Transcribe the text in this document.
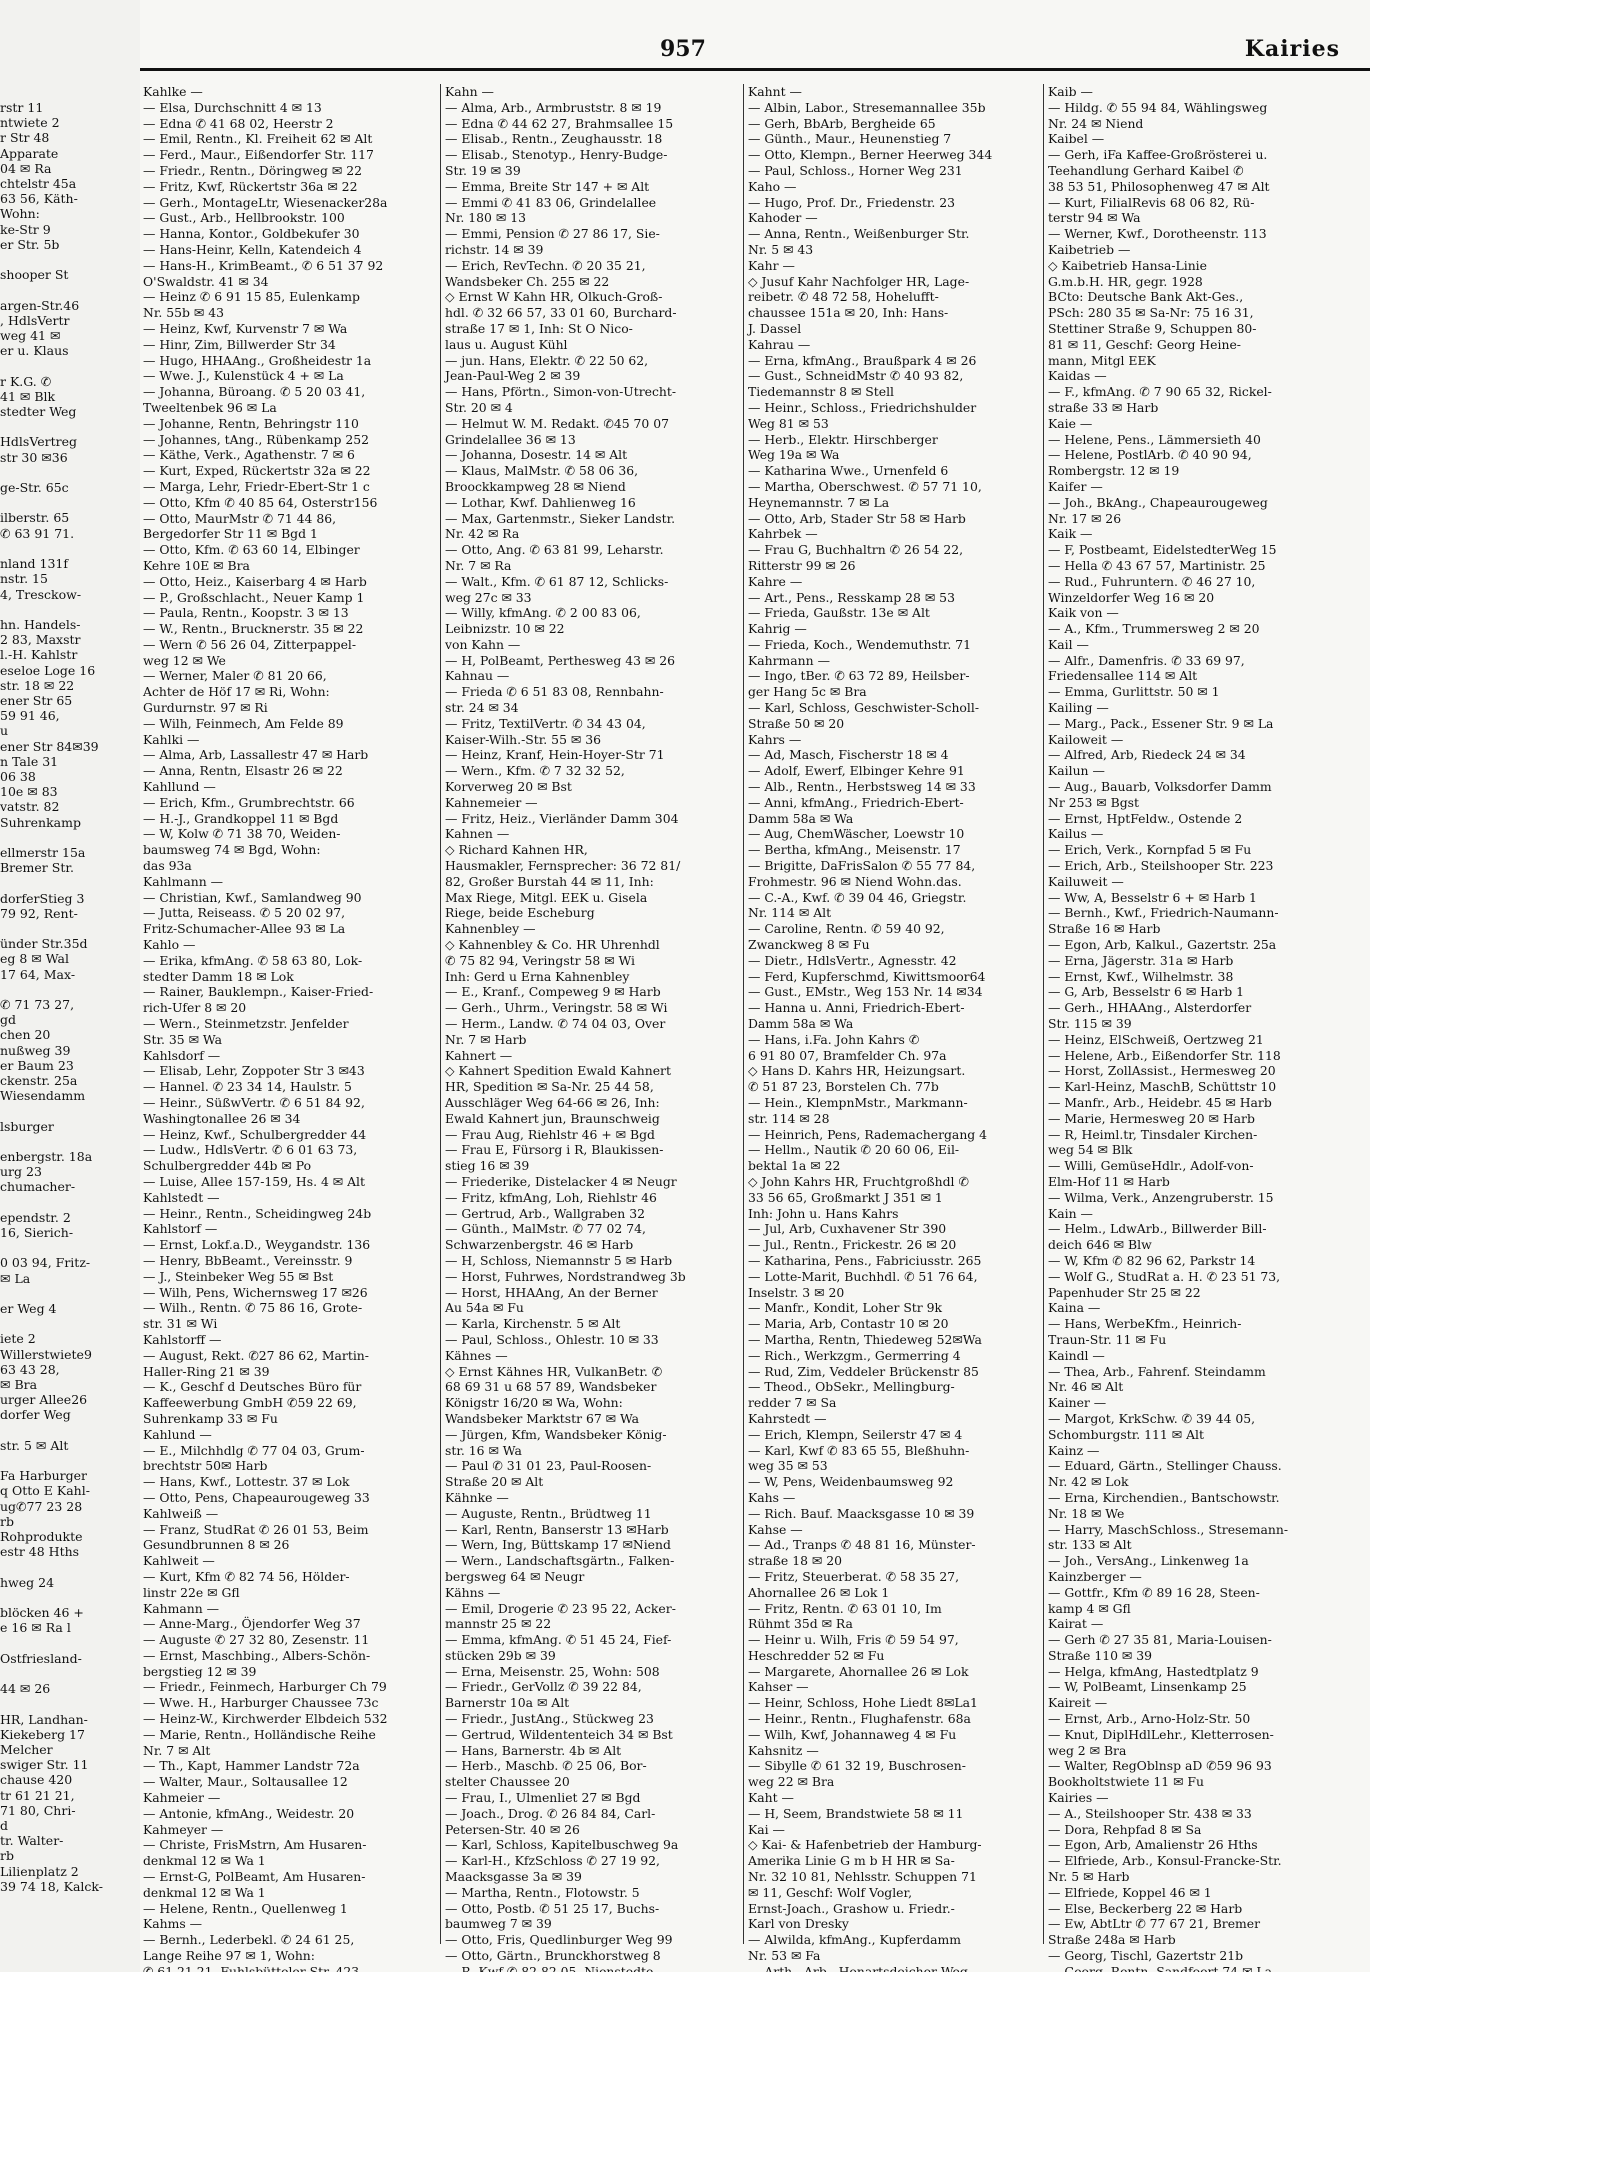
rstr 11
ntwiete 2
r Str 48
Apparate
04 ✉ Ra
chtelstr 45a
63 56, Käth-
Wohn:
ke-Str 9
er Str. 5b

shooper St

argen-Str.46
, HdlsVertr
weg 41 ✉
er u. Klaus

r K.G. ✆
41 ✉ Blk
stedter Weg

HdlsVertreg
str 30 ✉36

ge-Str. 65c

ilberstr. 65
✆ 63 91 71.

nland 131f
nstr. 15
4, Tresckow-

hn. Handels-
2 83, Maxstr
l.-H. Kahlstr
eseloe Loge 16
str. 18 ✉ 22
ener Str 65
59 91 46,
u
ener Str 84✉39
n Tale 31
06 38
10e ✉ 83
vatstr. 82
Suhrenkamp

ellmerstr 15a
Bremer Str.

dorferStieg 3
79 92, Rent-

ünder Str.35d
eg 8 ✉ Wal
17 64, Max-

✆ 71 73 27,
gd
chen 20
nußweg 39
er Baum 23
ckenstr. 25a
Wiesendamm

lsburger

enbergstr. 18a
urg 23
chumacher-

ependstr. 2
16, Sierich-

0 03 94, Fritz-
✉ La

er Weg 4

iete 2
Willerstwiete9
63 43 28,
✉ Bra
urger Allee26
dorfer Weg

str. 5 ✉ Alt

Fa Harburger
q Otto E Kahl-
ug✆77 23 28
rb
Rohprodukte
estr 48 Hths

hweg 24

blöcken 46 +
e 16 ✉ Ra l

Ostfriesland-

44 ✉ 26

HR, Landhan-
Kiekeberg 17
Melcher
swiger Str. 11
chause 420
tr 61 21 21,
71 80, Chri-
d
tr. Walter-
rb
Lilienplatz 2
39 74 18, Kalck-
957	Kairies
Kahlke —
— Elsa, Durchschnitt 4 ✉ 13
— Edna ✆ 41 68 02, Heerstr 2
— Emil, Rentn., Kl. Freiheit 62 ✉ Alt
— Ferd., Maur., Eißendorfer Str. 117
— Friedr., Rentn., Döringweg ✉ 22
— Fritz, Kwf, Rückertstr 36a ✉ 22
— Gerh., MontageLtr, Wiesenacker28a
— Gust., Arb., Hellbrookstr. 100
— Hanna, Kontor., Goldbekufer 30
— Hans-Heinr, Kelln, Katendeich 4
— Hans-H., KrimBeamt., ✆ 6 51 37 92
O'Swaldstr. 41 ✉ 34
— Heinz ✆ 6 91 15 85, Eulenkamp
Nr. 55b ✉ 43
— Heinz, Kwf, Kurvenstr 7 ✉ Wa
— Hinr, Zim, Billwerder Str 34
— Hugo, HHAAng., Großheidestr 1a
— Wwe. J., Kulenstück 4 + ✉ La
— Johanna, Büroang. ✆ 5 20 03 41,
Tweeltenbek 96 ✉ La
— Johanne, Rentn, Behringstr 110
— Johannes, tAng., Rübenkamp 252
— Käthe, Verk., Agathenstr. 7 ✉ 6
— Kurt, Exped, Rückertstr 32a ✉ 22
— Marga, Lehr, Friedr-Ebert-Str 1 c
— Otto, Kfm ✆ 40 85 64, Osterstr156
— Otto, MaurMstr ✆ 71 44 86,
Bergedorfer Str 11 ✉ Bgd 1
— Otto, Kfm. ✆ 63 60 14, Elbinger
Kehre 10E ✉ Bra
— Otto, Heiz., Kaiserbarg 4 ✉ Harb
— P., Großschlacht., Neuer Kamp 1
— Paula, Rentn., Koopstr. 3 ✉ 13
— W., Rentn., Brucknerstr. 35 ✉ 22
— Wern ✆ 56 26 04, Zitterpappel-
weg 12 ✉ We
— Werner, Maler ✆ 81 20 66,
Achter de Höf 17 ✉ Ri, Wohn:
Gurdurnstr. 97 ✉ Ri
— Wilh, Feinmech, Am Felde 89
Kahlki —
— Alma, Arb, Lassallestr 47 ✉ Harb
— Anna, Rentn, Elsastr 26 ✉ 22
Kahllund —
— Erich, Kfm., Grumbrechtstr. 66
— H.-J., Grandkoppel 11 ✉ Bgd
— W, Kolw ✆ 71 38 70, Weiden-
baumsweg 74 ✉ Bgd, Wohn:
das 93a
Kahlmann —
— Christian, Kwf., Samlandweg 90
— Jutta, Reiseass. ✆ 5 20 02 97,
Fritz-Schumacher-Allee 93 ✉ La
Kahlo —
— Erika, kfmAng. ✆ 58 63 80, Lok-
stedter Damm 18 ✉ Lok
— Rainer, Bauklempn., Kaiser-Fried-
rich-Ufer 8 ✉ 20
— Wern., Steinmetzstr. Jenfelder
Str. 35 ✉ Wa
Kahlsdorf —
— Elisab, Lehr, Zoppoter Str 3 ✉43
— Hannel. ✆ 23 34 14, Haulstr. 5
— Heinr., SüßwVertr. ✆ 6 51 84 92,
Washingtonallee 26 ✉ 34
— Heinz, Kwf., Schulbergredder 44
— Ludw., HdlsVertr. ✆ 6 01 63 73,
Schulbergredder 44b ✉ Po
— Luise, Allee 157-159, Hs. 4 ✉ Alt
Kahlstedt —
— Heinr., Rentn., Scheidingweg 24b
Kahlstorf —
— Ernst, Lokf.a.D., Weygandstr. 136
— Henry, BbBeamt., Vereinsstr. 9
— J., Steinbeker Weg 55 ✉ Bst
— Wilh, Pens, Wichernsweg 17 ✉26
— Wilh., Rentn. ✆ 75 86 16, Grote-
str. 31 ✉ Wi
Kahlstorff —
— August, Rekt. ✆27 86 62, Martin-
Haller-Ring 21 ✉ 39
— K., Geschf d Deutsches Büro für
Kaffeewerbung GmbH ✆59 22 69,
Suhrenkamp 33 ✉ Fu
Kahlund —
— E., Milchhdlg ✆ 77 04 03, Grum-
brechtstr 50✉ Harb
— Hans, Kwf., Lottestr. 37 ✉ Lok
— Otto, Pens, Chapeaurougeweg 33
Kahlweiß —
— Franz, StudRat ✆ 26 01 53, Beim
Gesundbrunnen 8 ✉ 26
Kahlweit —
— Kurt, Kfm ✆ 82 74 56, Hölder-
linstr 22e ✉ Gfl
Kahmann —
— Anne-Marg., Öjendorfer Weg 37
— Auguste ✆ 27 32 80, Zesenstr. 11
— Ernst, Maschbing., Albers-Schön-
bergstieg 12 ✉ 39
— Friedr., Feinmech, Harburger Ch 79
— Wwe. H., Harburger Chaussee 73c
— Heinz-W., Kirchwerder Elbdeich 532
— Marie, Rentn., Holländische Reihe
Nr. 7 ✉ Alt
— Th., Kapt, Hammer Landstr 72a
— Walter, Maur., Soltausallee 12
Kahmeier —
— Antonie, kfmAng., Weidestr. 20
Kahmeyer —
— Christe, FrisMstrn, Am Husaren-
denkmal 12 ✉ Wa 1
— Ernst-G, PolBeamt, Am Husaren-
denkmal 12 ✉ Wa 1
— Helene, Rentn., Quellenweg 1
Kahms —
— Bernh., Lederbekl. ✆ 24 61 25,
Lange Reihe 97 ✉ 1, Wohn:
Kahn —
— Alma, Arb., Armbruststr. 8 ✉ 19
— Edna ✆ 44 62 27, Brahmsallee 15
— Elisab., Rentn., Zeughausstr. 18
— Elisab., Stenotyp., Henry-Budge-
Str. 19 ✉ 39
— Emma, Breite Str 147 + ✉ Alt
— Emmi ✆ 41 83 06, Grindelallee
Nr. 180 ✉ 13
— Emmi, Pension ✆ 27 86 17, Sie-
richstr. 14 ✉ 39
— Erich, RevTechn. ✆ 20 35 21,
Wandsbeker Ch. 255 ✉ 22
◇ Ernst W Kahn HR, Olkuch-Groß-
hdl. ✆ 32 66 57, 33 01 60, Burchard-
straße 17 ✉ 1, Inh: St O Nico-
laus u. August Kühl
— jun. Hans, Elektr. ✆ 22 50 62,
Jean-Paul-Weg 2 ✉ 39
— Hans, Pförtn., Simon-von-Utrecht-
Str. 20 ✉ 4
— Helmut W. M. Redakt. ✆45 70 07
Grindelallee 36 ✉ 13
— Johanna, Dosestr. 14 ✉ Alt
— Klaus, MalMstr. ✆ 58 06 36,
Broockkampweg 28 ✉ Niend
— Lothar, Kwf. Dahlienweg 16
— Max, Gartenmstr., Sieker Landstr.
Nr. 42 ✉ Ra
— Otto, Ang. ✆ 63 81 99, Leharstr.
Nr. 7 ✉ Ra
— Walt., Kfm. ✆ 61 87 12, Schlicks-
weg 27c ✉ 33
— Willy, kfmAng. ✆ 2 00 83 06,
Leibnizstr. 10 ✉ 22
von Kahn —
— H, PolBeamt, Perthesweg 43 ✉ 26
Kahnau —
— Frieda ✆ 6 51 83 08, Rennbahn-
str. 24 ✉ 34
— Fritz, TextilVertr. ✆ 34 43 04,
Kaiser-Wilh.-Str. 55 ✉ 36
— Heinz, Kranf, Hein-Hoyer-Str 71
— Wern., Kfm. ✆ 7 32 32 52,
Korverweg 20 ✉ Bst
Kahnemeier —
— Fritz, Heiz., Vierländer Damm 304
Kahnen —
◇ Richard Kahnen HR,
Hausmakler, Fernsprecher: 36 72 81/
82, Großer Burstah 44 ✉ 11, Inh:
Max Riege, Mitgl. EEK u. Gisela
Riege, beide Escheburg
Kahnenbley —
◇ Kahnenbley & Co. HR Uhrenhdl
✆ 75 82 94, Veringstr 58 ✉ Wi
Inh: Gerd u Erna Kahnenbley
— E., Kranf., Compeweg 9 ✉ Harb
— Gerh., Uhrm., Veringstr. 58 ✉ Wi
— Herm., Landw. ✆ 74 04 03, Over
Nr. 7 ✉ Harb
Kahnert —
◇ Kahnert Spedition Ewald Kahnert
HR, Spedition ✉ Sa-Nr. 25 44 58,
Ausschläger Weg 64-66 ✉ 26, Inh:
Ewald Kahnert jun, Braunschweig
— Frau Aug, Riehlstr 46 + ✉ Bgd
— Frau E, Fürsorg i R, Blaukissen-
stieg 16 ✉ 39
— Friederike, Distelacker 4 ✉ Neugr
— Fritz, kfmAng, Loh, Riehlstr 46
— Gertrud, Arb., Wallgraben 32
— Günth., MalMstr. ✆ 77 02 74,
Schwarzenbergstr. 46 ✉ Harb
— H, Schloss, Niemannstr 5 ✉ Harb
— Horst, Fuhrwes, Nordstrandweg 3b
— Horst, HHAAng, An der Berner
Au 54a ✉ Fu
— Karla, Kirchenstr. 5 ✉ Alt
— Paul, Schloss., Ohlestr. 10 ✉ 33
Kähnes —
◇ Ernst Kähnes HR, VulkanBetr. ✆
68 69 31 u 68 57 89, Wandsbeker
Königstr 16/20 ✉ Wa, Wohn:
Wandsbeker Marktstr 67 ✉ Wa
— Jürgen, Kfm, Wandsbeker König-
str. 16 ✉ Wa
— Paul ✆ 31 01 23, Paul-Roosen-
Straße 20 ✉ Alt
Kähnke —
— Auguste, Rentn., Brüdtweg 11
— Karl, Rentn, Banserstr 13 ✉Harb
— Wern, Ing, Büttskamp 17 ✉Niend
— Wern., Landschaftsgärtn., Falken-
bergsweg 64 ✉ Neugr
Kähns —
— Emil, Drogerie ✆ 23 95 22, Acker-
mannstr 25 ✉ 22
— Emma, kfmAng. ✆ 51 45 24, Fief-
stücken 29b ✉ 39
— Erna, Meisenstr. 25, Wohn: 508
— Friedr., GerVollz ✆ 39 22 84,
Barnerstr 10a ✉ Alt
— Friedr., JustAng., Stückweg 23
— Gertrud, Wildententeich 34 ✉ Bst
— Hans, Barnerstr. 4b ✉ Alt
— Herb., Maschb. ✆ 25 06, Bor-
stelter Chaussee 20
— Frau, I., Ulmenliet 27 ✉ Bgd
— Joach., Drog. ✆ 26 84 84, Carl-
Petersen-Str. 40 ✉ 26
— Karl, Schloss, Kapitelbuschweg 9a
— Karl-H., KfzSchloss ✆ 27 19 92,
Maacksgasse 3a ✉ 39
— Martha, Rentn., Flotowstr. 5
— Otto, Postb. ✆ 51 25 17, Buchs-
baumweg 7 ✉ 39
— Otto, Fris, Quedlinburger Weg 99
— Otto, Gärtn., Brunckhorstweg 8
Kahnt —
— Albin, Labor., Stresemannallee 35b
— Gerh, BbArb, Bergheide 65
— Günth., Maur., Heunenstieg 7
— Otto, Klempn., Berner Heerweg 344
— Paul, Schloss., Horner Weg 231
Kaho —
— Hugo, Prof. Dr., Friedenstr. 23
Kahoder —
— Anna, Rentn., Weißenburger Str.
Nr. 5 ✉ 43
Kahr —
◇ Jusuf Kahr Nachfolger HR, Lage-
reibetr. ✆ 48 72 58, Hohelufft-
chaussee 151a ✉ 20, Inh: Hans-
J. Dassel
Kahrau —
— Erna, kfmAng., Braußpark 4 ✉ 26
— Gust., SchneidMstr ✆ 40 93 82,
Tiedemannstr 8 ✉ Stell
— Heinr., Schloss., Friedrichshulder
Weg 81 ✉ 53
— Herb., Elektr. Hirschberger
Weg 19a ✉ Wa
— Katharina Wwe., Urnenfeld 6
— Martha, Oberschwest. ✆ 57 71 10,
Heynemannstr. 7 ✉ La
— Otto, Arb, Stader Str 58 ✉ Harb
Kahrbek —
— Frau G, Buchhaltrn ✆ 26 54 22,
Ritterstr 99 ✉ 26
Kahre —
— Art., Pens., Resskamp 28 ✉ 53
— Frieda, Gaußstr. 13e ✉ Alt
Kahrig —
— Frieda, Koch., Wendemuthstr. 71
Kahrmann —
— Ingo, tBer. ✆ 63 72 89, Heilsber-
ger Hang 5c ✉ Bra
— Karl, Schloss, Geschwister-Scholl-
Straße 50 ✉ 20
Kahrs —
— Ad, Masch, Fischerstr 18 ✉ 4
— Adolf, Ewerf, Elbinger Kehre 91
— Alb., Rentn., Herbstsweg 14 ✉ 33
— Anni, kfmAng., Friedrich-Ebert-
Damm 58a ✉ Wa
— Aug, ChemWäscher, Loewstr 10
— Bertha, kfmAng., Meisenstr. 17
— Brigitte, DaFrisSalon ✆ 55 77 84,
Frohmestr. 96 ✉ Niend Wohn.das.
— C.-A., Kwf. ✆ 39 04 46, Griegstr.
Nr. 114 ✉ Alt
— Caroline, Rentn. ✆ 59 40 92,
Zwanckweg 8 ✉ Fu
— Dietr., HdlsVertr., Agnesstr. 42
— Ferd, Kupferschmd, Kiwittsmoor64
— Gust., EMstr., Weg 153 Nr. 14 ✉34
— Hanna u. Anni, Friedrich-Ebert-
Damm 58a ✉ Wa
— Hans, i.Fa. John Kahrs ✆
6 91 80 07, Bramfelder Ch. 97a
◇ Hans D. Kahrs HR, Heizungsart.
✆ 51 87 23, Borstelen Ch. 77b
— Hein., KlempnMstr., Markmann-
str. 114 ✉ 28
— Heinrich, Pens, Rademachergang 4
— Hellm., Nautik ✆ 20 60 06, Eil-
bektal 1a ✉ 22
◇ John Kahrs HR, Fruchtgroßhdl ✆
33 56 65, Großmarkt J 351 ✉ 1
Inh: John u. Hans Kahrs
— Jul, Arb, Cuxhavener Str 390
— Jul., Rentn., Frickestr. 26 ✉ 20
— Katharina, Pens., Fabriciusstr. 265
— Lotte-Marit, Buchhdl. ✆ 51 76 64,
Inselstr. 3 ✉ 20
— Manfr., Kondit, Loher Str 9k
— Maria, Arb, Contastr 10 ✉ 20
— Martha, Rentn, Thiedeweg 52✉Wa
— Rich., Werkzgm., Germerring 4
— Rud, Zim, Veddeler Brückenstr 85
— Theod., ObSekr., Mellingburg-
redder 7 ✉ Sa
Kahrstedt —
— Erich, Klempn, Seilerstr 47 ✉ 4
— Karl, Kwf ✆ 83 65 55, Bleßhuhn-
weg 35 ✉ 53
— W, Pens, Weidenbaumsweg 92
Kahs —
— Rich. Bauf. Maacksgasse 10 ✉ 39
Kahse —
— Ad., Tranps ✆ 48 81 16, Münster-
straße 18 ✉ 20
— Fritz, Steuerberat. ✆ 58 35 27,
Ahornallee 26 ✉ Lok 1
— Fritz, Rentn. ✆ 63 01 10, Im
Rühmt 35d ✉ Ra
— Heinr u. Wilh, Fris ✆ 59 54 97,
Heschredder 52 ✉ Fu
— Margarete, Ahornallee 26 ✉ Lok
Kahser —
— Heinr, Schloss, Hohe Liedt 8✉La1
— Heinr., Rentn., Flughafenstr. 68a
— Wilh, Kwf, Johannaweg 4 ✉ Fu
Kahsnitz —
— Sibylle ✆ 61 32 19, Buschrosen-
weg 22 ✉ Bra
Kaht —
— H, Seem, Brandstwiete 58 ✉ 11
Kai —
◇ Kai- & Hafenbetrieb der Hamburg-
Amerika Linie G m b H HR ✉ Sa-
Nr. 32 10 81, Nehlsstr. Schuppen 71
✉ 11, Geschf: Wolf Vogler,
Ernst-Joach., Grashow u. Friedr.-
Karl von Dresky
— Alwilda, kfmAng., Kupferdamm
Nr. 53 ✉ Fa
Kaib —
— Hildg. ✆ 55 94 84, Wählingsweg
Nr. 24 ✉ Niend
Kaibel —
— Gerh, iFa Kaffee-Großrösterei u.
Teehandlung Gerhard Kaibel ✆
38 53 51, Philosophenweg 47 ✉ Alt
— Kurt, FilialRevis 68 06 82, Rü-
terstr 94 ✉ Wa
— Werner, Kwf., Dorotheenstr. 113
Kaibetrieb —
◇ Kaibetrieb Hansa-Linie
G.m.b.H. HR, gegr. 1928
BCto: Deutsche Bank Akt-Ges.,
PSch: 280 35 ✉ Sa-Nr: 75 16 31,
Stettiner Straße 9, Schuppen 80-
81 ✉ 11, Geschf: Georg Heine-
mann, Mitgl EEK
Kaidas —
— F., kfmAng. ✆ 7 90 65 32, Rickel-
straße 33 ✉ Harb
Kaie —
— Helene, Pens., Lämmersieth 40
— Helene, PostlArb. ✆ 40 90 94,
Rombergstr. 12 ✉ 19
Kaifer —
— Joh., BkAng., Chapeaurougeweg
Nr. 17 ✉ 26
Kaik —
— F, Postbeamt, EidelstedterWeg 15
— Hella ✆ 43 67 57, Martinistr. 25
— Rud., Fuhruntern. ✆ 46 27 10,
Winzeldorfer Weg 16 ✉ 20
Kaik von —
— A., Kfm., Trummersweg 2 ✉ 20
Kail —
— Alfr., Damenfris. ✆ 33 69 97,
Friedensallee 114 ✉ Alt
— Emma, Gurlittstr. 50 ✉ 1
Kailing —
— Marg., Pack., Essener Str. 9 ✉ La
Kailoweit —
— Alfred, Arb, Riedeck 24 ✉ 34
Kailun —
— Aug., Bauarb, Volksdorfer Damm
Nr 253 ✉ Bgst
— Ernst, HptFeldw., Ostende 2
Kailus —
— Erich, Verk., Kornpfad 5 ✉ Fu
— Erich, Arb., Steilshooper Str. 223
Kailuweit —
— Ww, A, Besselstr 6 + ✉ Harb 1
— Bernh., Kwf., Friedrich-Naumann-
Straße 16 ✉ Harb
— Egon, Arb, Kalkul., Gazertstr. 25a
— Erna, Jägerstr. 31a ✉ Harb
— Ernst, Kwf., Wilhelmstr. 38
— G, Arb, Besselstr 6 ✉ Harb 1
— Gerh., HHAAng., Alsterdorfer
Str. 115 ✉ 39
— Heinz, ElSchweiß, Oertzweg 21
— Helene, Arb., Eißendorfer Str. 118
— Horst, ZollAssist., Hermesweg 20
— Karl-Heinz, MaschB, Schüttstr 10
— Manfr., Arb., Heidebr. 45 ✉ Harb
— Marie, Hermesweg 20 ✉ Harb
— R, Heiml.tr, Tinsdaler Kirchen-
weg 54 ✉ Blk
— Willi, GemüseHdlr., Adolf-von-
Elm-Hof 11 ✉ Harb
— Wilma, Verk., Anzengruberstr. 15
Kain —
— Helm., LdwArb., Billwerder Bill-
deich 646 ✉ Blw
— W, Kfm ✆ 82 96 62, Parkstr 14
— Wolf G., StudRat a. H. ✆ 23 51 73,
Papenhuder Str 25 ✉ 22
Kaina —
— Hans, WerbeKfm., Heinrich-
Traun-Str. 11 ✉ Fu
Kaindl —
— Thea, Arb., Fahrenf. Steindamm
Nr. 46 ✉ Alt
Kainer —
— Margot, KrkSchw. ✆ 39 44 05,
Schomburgstr. 111 ✉ Alt
Kainz —
— Eduard, Gärtn., Stellinger Chauss.
Nr. 42 ✉ Lok
— Erna, Kirchendien., Bantschowstr.
Nr. 18 ✉ We
— Harry, MaschSchloss., Stresemann-
str. 133 ✉ Alt
— Joh., VersAng., Linkenweg 1a
Kainzberger —
— Gottfr., Kfm ✆ 89 16 28, Steen-
kamp 4 ✉ Gfl
Kairat —
— Gerh ✆ 27 35 81, Maria-Louisen-
Straße 110 ✉ 39
— Helga, kfmAng, Hastedtplatz 9
— W, PolBeamt, Linsenkamp 25
Kaireit —
— Ernst, Arb., Arno-Holz-Str. 50
— Knut, DiplHdlLehr., Kletterrosen-
weg 2 ✉ Bra
— Walter, RegOblnsp aD ✆59 96 93
Bookholtstwiete 11 ✉ Fu
Kairies —
— A., Steilshooper Str. 438 ✉ 33
— Dora, Rehpfad 8 ✉ Sa
— Egon, Arb, Amalienstr 26 Hths
— Elfriede, Arb., Konsul-Francke-Str.
Nr. 5 ✉ Harb
— Elfriede, Koppel 46 ✉ 1
— Else, Beckerberg 22 ✉ Harb
— Ew, AbtLtr ✆ 77 67 21, Bremer
Straße 248a ✉ Harb
— Georg, Tischl, Gazertstr 21b
